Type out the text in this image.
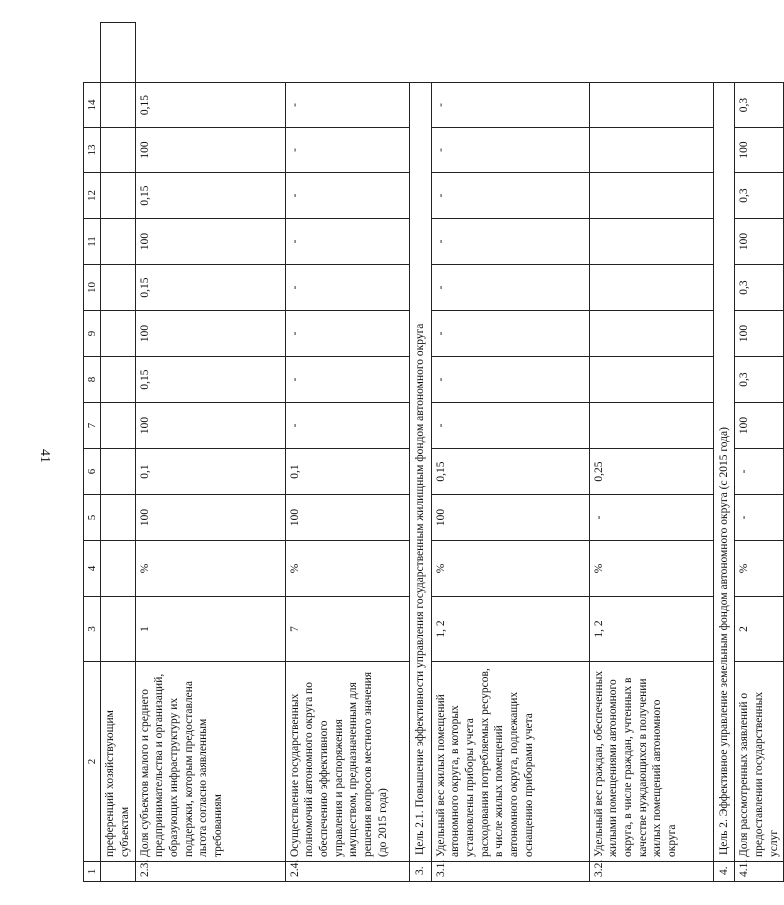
41
1	2	3	4	5	6	7	8	9	10	11	12	13	14	
	преференций хозяйствующим субъектам													
2.3.	Доля субъектов малого и среднего предпринимательства и организаций, образующих инфраструктуру их поддержки, которым предоставлена льгота согласно заявленным требованиям	1	%	100	0,1	100	0,15	100	0,15	100	0,15	100	0,15	
2.4.	Осуществление государственных полномочий автономного округа по обеспечению эффективного управления и распоряжения имуществом, предназначенным для решения вопросов местного значения (до 2015 года)	7	%	100	0,1	-	-	-	-	-	-	-	-	
3.	Цель 2.1. Повышение эффективности управления государственным жилищным фондом автономного округа													
3.1.	Удельный вес жилых помещений автономного округа, в которых установлены приборы учета расходования потребляемых ресурсов, в числе жилых помещений автономного округа, подлежащих оснащению приборами учета	1, 2	%	100	0,15	-	-	-	-	-	-	-	-	
3.2.	Удельный вес граждан, обеспеченных жилыми помещениями автономного округа, в числе граждан, учтенных в качестве нуждающихся в получении жилых помещений автономного округа	1, 2	%	-	0,25									
4.	Цель 2. Эффективное управление земельным фондом автономного округа (с 2015 года)													
4.1.	Доля рассмотренных заявлений о предоставлении государственных услуг	2	%	-	-	100	0,3	100	0,3	100	0,3	100	0,3	
